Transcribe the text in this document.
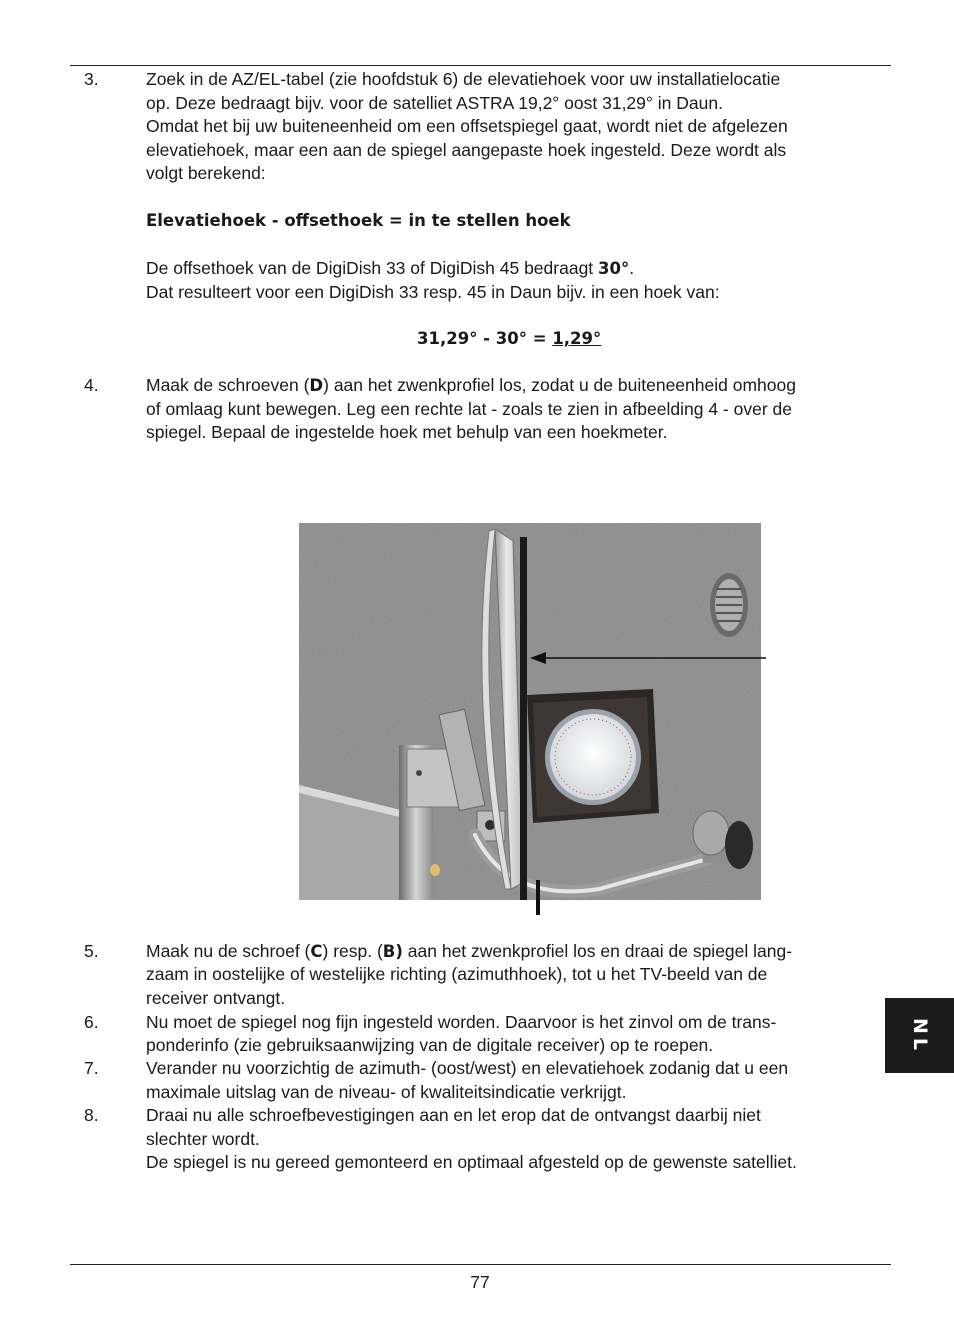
3.	Zoek in de AZ/EL-tabel (zie hoofdstuk 6) de elevatiehoek voor uw installatielocatie
op. Deze bedraagt bijv. voor de satelliet ASTRA 19,2° oost 31,29° in Daun.
Omdat het bij uw buiteneenheid om een offsetspiegel gaat, wordt niet de afgelezen
elevatiehoek, maar een aan de spiegel aangepaste hoek ingesteld. Deze wordt als
volgt berekend:
Elevatiehoek - offsethoek = in te stellen hoek
De offsethoek van de DigiDish 33 of DigiDish 45 bedraagt 30°.
Dat resulteert voor een DigiDish 33 resp. 45 in Daun bijv. in een hoek van:
31,29° - 30° = 1,29°
4.	Maak de schroeven (D) aan het zwenkprofiel los, zodat u de buiteneenheid omhoog
of omlaag kunt bewegen. Leg een rechte lat - zoals te zien in afbeelding 4 - over de
spiegel. Bepaal de ingestelde hoek met behulp van een hoekmeter.
5.	Maak nu de schroef (C) resp. (B) aan het zwenkprofiel los en draai de spiegel lang-
zaam in oostelijke of westelijke richting (azimuthhoek), tot u het TV-beeld van de
receiver ontvangt.
6.	Nu moet de spiegel nog fijn ingesteld worden. Daarvoor is het zinvol om de trans-
ponderinfo (zie gebruiksaanwijzing van de digitale receiver) op te roepen.
7.	Verander nu voorzichtig de azimuth- (oost/west) en elevatiehoek zodanig dat u een
maximale uitslag van de niveau- of kwaliteitsindicatie verkrijgt.
8.	Draai nu alle schroefbevestigingen aan en let erop dat de ontvangst daarbij niet
slechter wordt.
De spiegel is nu gereed gemonteerd en optimaal afgesteld op de gewenste satelliet.
NL
77
